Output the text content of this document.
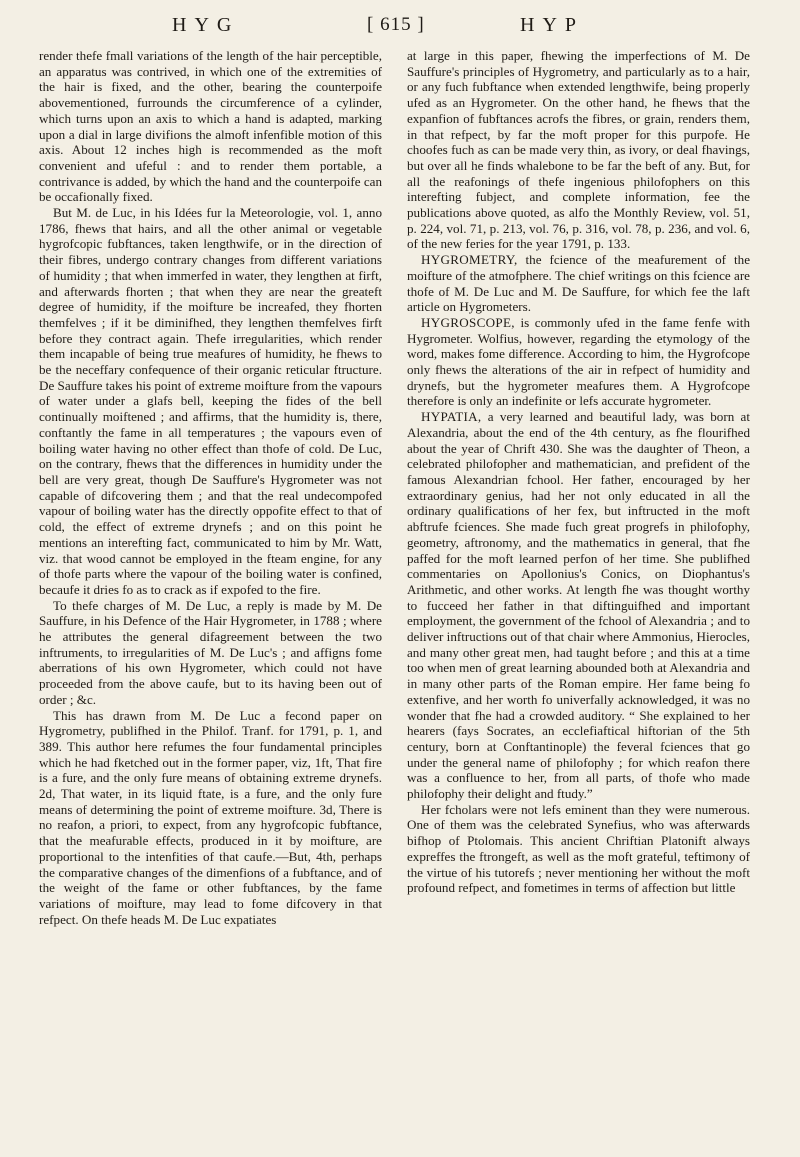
HYG	[ 615 ]	HYP

render thefe fmall variations of the length of the hair perceptible, an apparatus was contrived, in which one of the extremities of the hair is fixed, and the other, bearing the counterpoife abovementioned, furrounds the circumference of a cylinder, which turns upon an axis to which a hand is adapted, marking upon a dial in large divifions the almoft infenfible motion of this axis. About 12 inches high is recommended as the moft convenient and ufeful : and to render them portable, a contrivance is added, by which the hand and the counterpoife can be occafionally fixed.

But M. de Luc, in his Idées fur la Meteorologie, vol. 1, anno 1786, fhews that hairs, and all the other animal or vegetable hygrofcopic fubftances, taken lengthwife, or in the direction of their fibres, undergo contrary changes from different variations of humidity ; that when immerfed in water, they lengthen at firft, and afterwards fhorten ; that when they are near the greateft degree of humidity, if the moifture be increafed, they fhorten themfelves ; if it be diminifhed, they lengthen themfelves firft before they contract again. Thefe irregularities, which render them incapable of being true meafures of humidity, he fhews to be the neceffary confequence of their organic reticular ftructure. De Sauffure takes his point of extreme moifture from the vapours of water under a glafs bell, keeping the fides of the bell continually moiftened ; and affirms, that the humidity is, there, conftantly the fame in all temperatures ; the vapours even of boiling water having no other effect than thofe of cold. De Luc, on the contrary, fhews that the differences in humidity under the bell are very great, though De Sauffure's Hygrometer was not capable of difcovering them ; and that the real undecompofed vapour of boiling water has the directly oppofite effect to that of cold, the effect of extreme drynefs ; and on this point he mentions an interefting fact, communicated to him by Mr. Watt, viz. that wood cannot be employed in the fteam engine, for any of thofe parts where the vapour of the boiling water is confined, becaufe it dries fo as to crack as if expofed to the fire.

To thefe charges of M. De Luc, a reply is made by M. De Sauffure, in his Defence of the Hair Hygrometer, in 1788 ; where he attributes the general difagreement between the two inftruments, to irregularities of M. De Luc's ; and affigns fome aberrations of his own Hygrometer, which could not have proceeded from the above caufe, but to its having been out of order ; &c.

This has drawn from M. De Luc a fecond paper on Hygrometry, publifhed in the Philof. Tranf. for 1791, p. 1, and 389. This author here refumes the four fundamental principles which he had fketched out in the former paper, viz, 1ft, That fire is a fure, and the only fure means of obtaining extreme drynefs. 2d, That water, in its liquid ftate, is a fure, and the only fure means of determining the point of extreme moifture. 3d, There is no reafon, a priori, to expect, from any hygrofcopic fubftance, that the meafurable effects, produced in it by moifture, are proportional to the intenfities of that caufe.—But, 4th, perhaps the comparative changes of the dimenfions of a fubftance, and of the weight of the fame or other fubftances, by the fame variations of moifture, may lead to fome difcovery in that refpect. On thefe heads M. De Luc expatiates

at large in this paper, fhewing the imperfections of M. De Sauffure's principles of Hygrometry, and particularly as to a hair, or any fuch fubftance when extended lengthwife, being properly ufed as an Hygrometer. On the other hand, he fhews that the expanfion of fubftances acrofs the fibres, or grain, renders them, in that refpect, by far the moft proper for this purpofe. He choofes fuch as can be made very thin, as ivory, or deal fhavings, but over all he finds whalebone to be far the beft of any. But, for all the reafonings of thefe ingenious philofophers on this interefting fubject, and complete information, fee the publications above quoted, as alfo the Monthly Review, vol. 51, p. 224, vol. 71, p. 213, vol. 76, p. 316, vol. 78, p. 236, and vol. 6, of the new feries for the year 1791, p. 133.

HYGROMETRY, the fcience of the meafurement of the moifture of the atmofphere. The chief writings on this fcience are thofe of M. De Luc and M. De Sauffure, for which fee the laft article on Hygrometers.

HYGROSCOPE, is commonly ufed in the fame fenfe with Hygrometer. Wolfius, however, regarding the etymology of the word, makes fome difference. According to him, the Hygrofcope only fhews the alterations of the air in refpect of humidity and drynefs, but the hygrometer meafures them. A Hygrofcope therefore is only an indefinite or lefs accurate hygrometer.

HYPATIA, a very learned and beautiful lady, was born at Alexandria, about the end of the 4th century, as fhe flourifhed about the year of Chrift 430. She was the daughter of Theon, a celebrated philofopher and mathematician, and prefident of the famous Alexandrian fchool. Her father, encouraged by her extraordinary genius, had her not only educated in all the ordinary qualifications of her fex, but inftructed in the moft abftrufe fciences. She made fuch great progrefs in philofophy, geometry, aftronomy, and the mathematics in general, that fhe paffed for the moft learned perfon of her time. She publifhed commentaries on Apollonius's Conics, on Diophantus's Arithmetic, and other works. At length fhe was thought worthy to fucceed her father in that diftinguifhed and important employment, the government of the fchool of Alexandria ; and to deliver inftructions out of that chair where Ammonius, Hierocles, and many other great men, had taught before ; and this at a time too when men of great learning abounded both at Alexandria and in many other parts of the Roman empire. Her fame being fo extenfive, and her worth fo univerfally acknowledged, it was no wonder that fhe had a crowded auditory. “ She explained to her hearers (fays Socrates, an ecclefiaftical hiftorian of the 5th century, born at Conftantinople) the feveral fciences that go under the general name of philofophy ; for which reafon there was a confluence to her, from all parts, of thofe who made philofophy their delight and ftudy.”

Her fcholars were not lefs eminent than they were numerous. One of them was the celebrated Synefius, who was afterwards bifhop of Ptolomais. This ancient Chriftian Platonift always expreffes the ftrongeft, as well as the moft grateful, teftimony of the virtue of his tutorefs ; never mentioning her without the moft profound refpect, and fometimes in terms of affection but little
